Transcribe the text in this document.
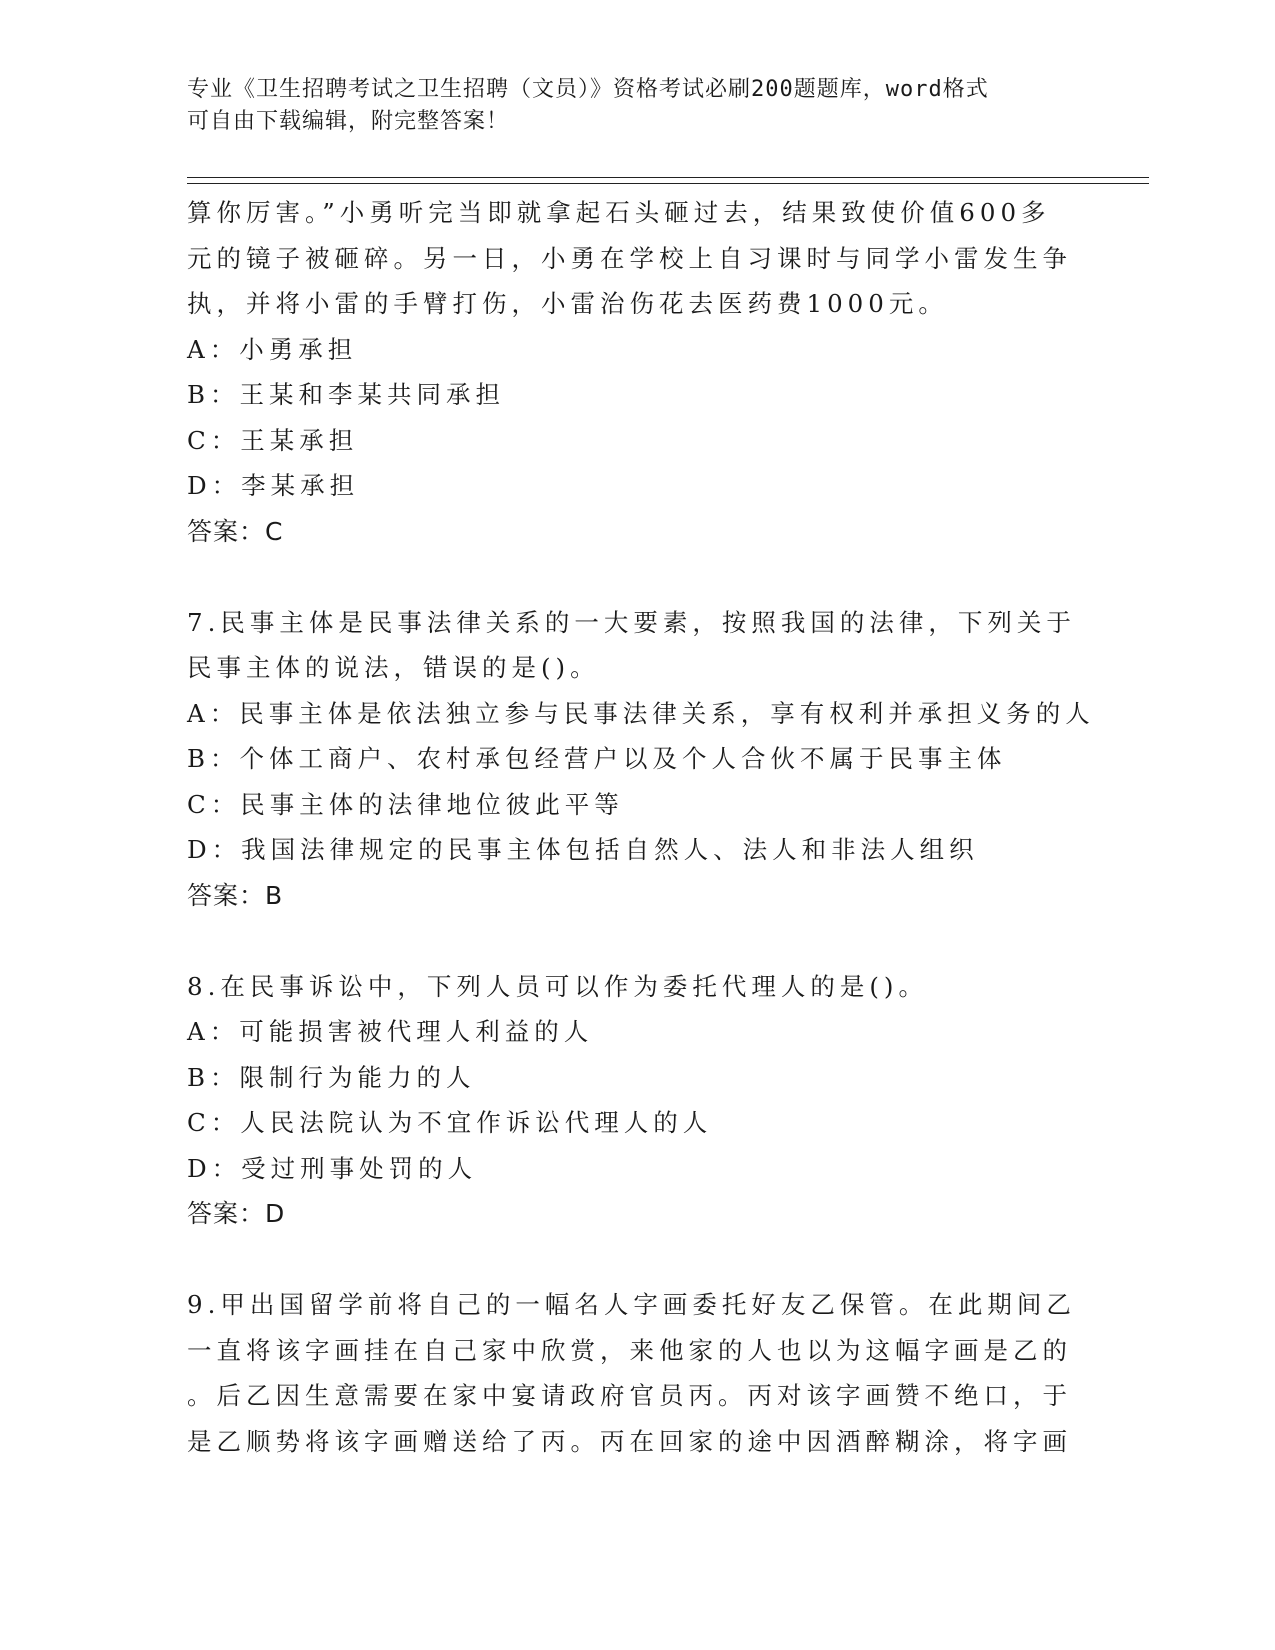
专业《卫生招聘考试之卫生招聘（文员）》资格考试必刷200题题库，word格式
可自由下载编辑，附完整答案！
算你厉害。”小勇听完当即就拿起石头砸过去，结果致使价值600多
元的镜子被砸碎。另一日，小勇在学校上自习课时与同学小雷发生争
执，并将小雷的手臂打伤，小雷治伤花去医药费1000元。
A：小勇承担
B：王某和李某共同承担
C：王某承担
D：李某承担
答案：C
7.民事主体是民事法律关系的一大要素，按照我国的法律，下列关于
民事主体的说法，错误的是()。
A：民事主体是依法独立参与民事法律关系，享有权利并承担义务的人
B：个体工商户、农村承包经营户以及个人合伙不属于民事主体
C：民事主体的法律地位彼此平等
D：我国法律规定的民事主体包括自然人、法人和非法人组织
答案：B
8.在民事诉讼中，下列人员可以作为委托代理人的是()。
A：可能损害被代理人利益的人
B：限制行为能力的人
C：人民法院认为不宜作诉讼代理人的人
D：受过刑事处罚的人
答案：D
9.甲出国留学前将自己的一幅名人字画委托好友乙保管。在此期间乙
一直将该字画挂在自己家中欣赏，来他家的人也以为这幅字画是乙的
。后乙因生意需要在家中宴请政府官员丙。丙对该字画赞不绝口，于
是乙顺势将该字画赠送给了丙。丙在回家的途中因酒醉糊涂，将字画
